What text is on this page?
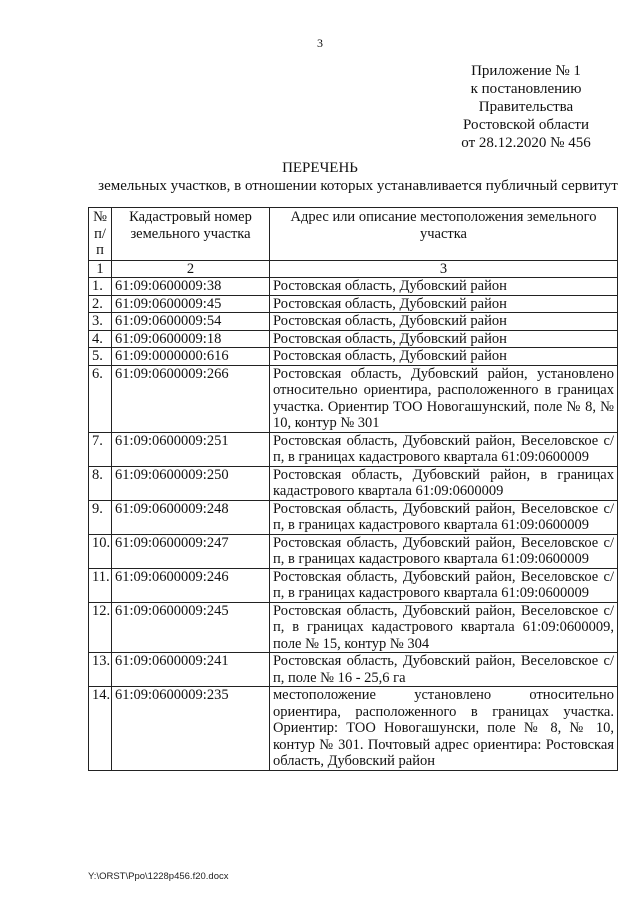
3
Приложение № 1
к постановлению
Правительства
Ростовской области
от 28.12.2020 № 456
ПЕРЕЧЕНЬ
земельных участков, в отношении которых устанавливается публичный сервитут
№ п/п	Кадастровый номер земельного участка	Адрес или описание местоположения земельного участка
1	2	3
1.	61:09:0600009:38	Ростовская область, Дубовский район
2.	61:09:0600009:45	Ростовская область, Дубовский район
3.	61:09:0600009:54	Ростовская область, Дубовский район
4.	61:09:0600009:18	Ростовская область, Дубовский район
5.	61:09:0000000:616	Ростовская область, Дубовский район
6.	61:09:0600009:266	Ростовская область, Дубовский район, установлено относительно ориентира, расположенного в границах участка. Ориентир ТОО Новогашунский, поле № 8, № 10, контур № 301
7.	61:09:0600009:251	Ростовская область, Дубовский район, Веселовское с/п, в границах кадастрового квартала 61:09:0600009
8.	61:09:0600009:250	Ростовская область, Дубовский район, в границах кадастрового квартала 61:09:0600009
9.	61:09:0600009:248	Ростовская область, Дубовский район, Веселовское с/п, в границах кадастрового квартала 61:09:0600009
10.	61:09:0600009:247	Ростовская область, Дубовский район, Веселовское с/п, в границах кадастрового квартала 61:09:0600009
11.	61:09:0600009:246	Ростовская область, Дубовский район, Веселовское с/п, в границах кадастрового квартала 61:09:0600009
12.	61:09:0600009:245	Ростовская область, Дубовский район, Веселовское с/п, в границах кадастрового квартала 61:09:0600009, поле № 15, контур № 304
13.	61:09:0600009:241	Ростовская область, Дубовский район, Веселовское с/п, поле № 16 - 25,6 га
14.	61:09:0600009:235	местоположение установлено относительно ориентира, расположенного в границах участка. Ориентир: ТОО Новогашунски, поле № 8, № 10, контур № 301. Почтовый адрес ориентира: Ростовская область, Дубовский район
Y:\ORST\Ppo\1228p456.f20.docx
